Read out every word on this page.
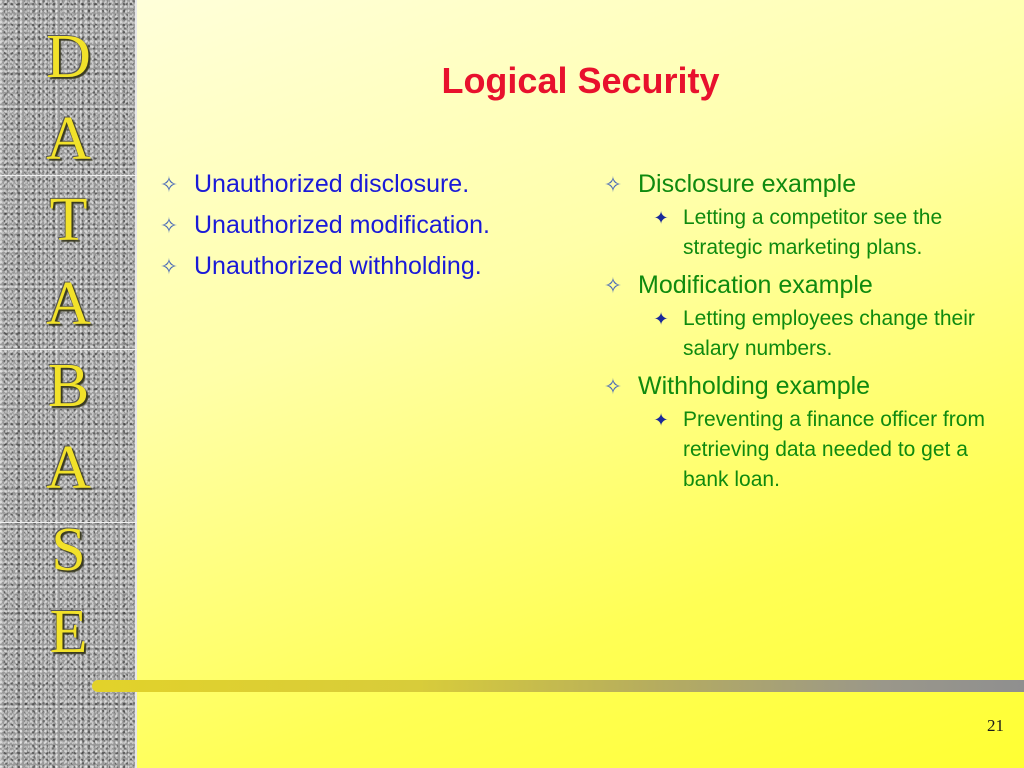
D
A
T
A
B
A
S
E
Logical Security
✧ Unauthorized disclosure.
✧ Unauthorized modification.
✧ Unauthorized withholding.
✧ Disclosure example
✦ Letting a competitor see the strategic marketing plans.
✧ Modification example
✦ Letting employees change their salary numbers.
✧ Withholding example
✦ Preventing a finance officer from retrieving data needed to get a bank loan.
21
